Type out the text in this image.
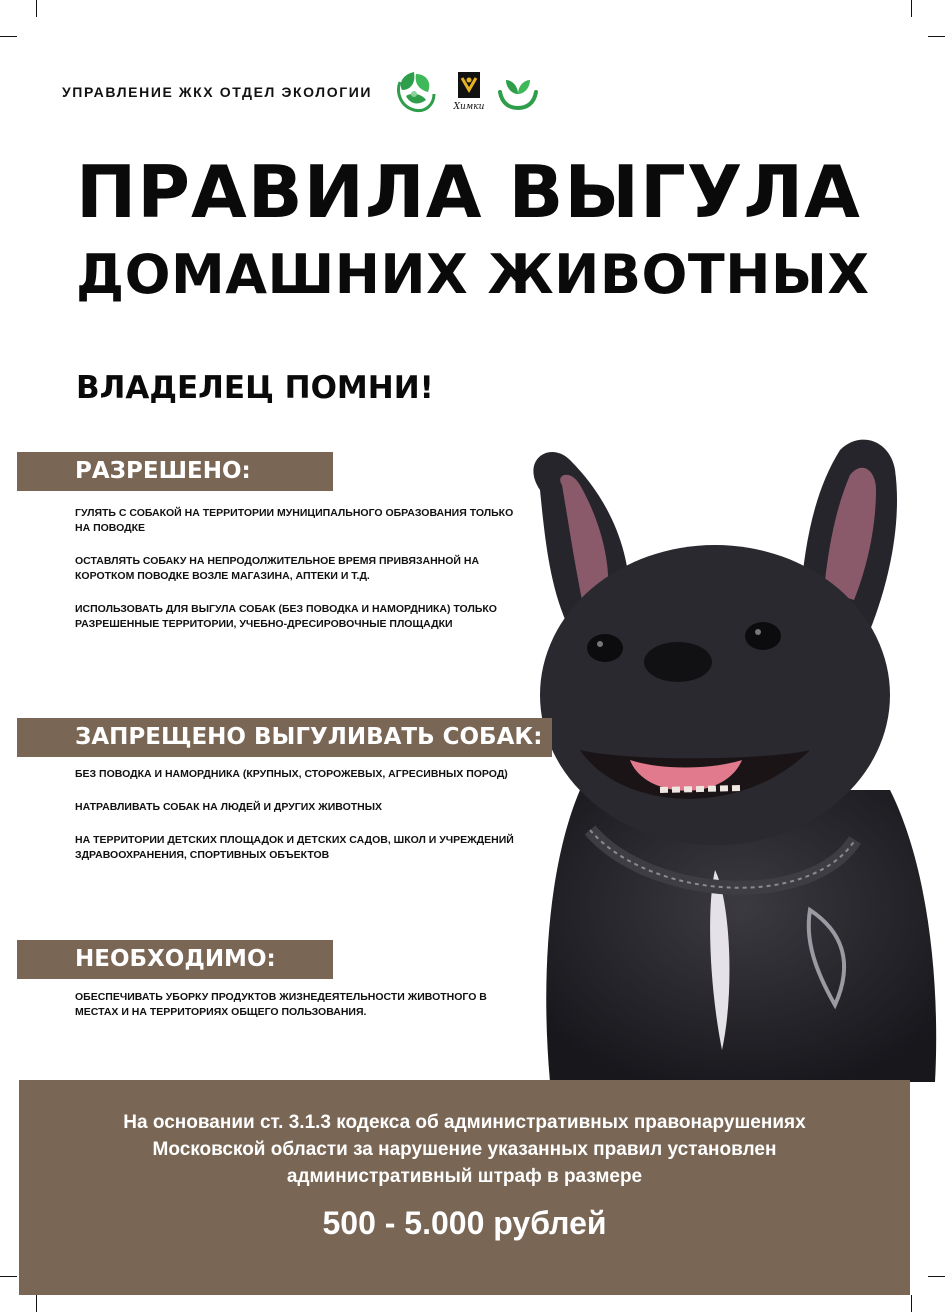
УПРАВЛЕНИЕ ЖКХ ОТДЕЛ ЭКОЛОГИИ
Химки
ПРАВИЛА ВЫГУЛА
ДОМАШНИХ ЖИВОТНЫХ
ВЛАДЕЛЕЦ ПОМНИ!
РАЗРЕШЕНО:
ГУЛЯТЬ С СОБАКОЙ НА ТЕРРИТОРИИ МУНИЦИПАЛЬНОГО ОБРАЗОВАНИЯ ТОЛЬКО НА ПОВОДКЕ
ОСТАВЛЯТЬ СОБАКУ НА НЕПРОДОЛЖИТЕЛЬНОЕ ВРЕМЯ ПРИВЯЗАННОЙ НА КОРОТКОМ ПОВОДКЕ ВОЗЛЕ МАГАЗИНА, АПТЕКИ И Т.Д.
ИСПОЛЬЗОВАТЬ ДЛЯ ВЫГУЛА СОБАК (БЕЗ ПОВОДКА И НАМОРДНИКА) ТОЛЬКО РАЗРЕШЕННЫЕ ТЕРРИТОРИИ, УЧЕБНО-ДРЕСИРОВОЧНЫЕ ПЛОЩАДКИ
ЗАПРЕЩЕНО ВЫГУЛИВАТЬ СОБАК:
БЕЗ ПОВОДКА И НАМОРДНИКА (КРУПНЫХ, СТОРОЖЕВЫХ, АГРЕСИВНЫХ ПОРОД)
НАТРАВЛИВАТЬ СОБАК НА ЛЮДЕЙ И ДРУГИХ ЖИВОТНЫХ
НА ТЕРРИТОРИИ ДЕТСКИХ ПЛОЩАДОК И ДЕТСКИХ САДОВ, ШКОЛ И УЧРЕЖДЕНИЙ ЗДРАВООХРАНЕНИЯ, СПОРТИВНЫХ ОБЪЕКТОВ
НЕОБХОДИМО:
ОБЕСПЕЧИВАТЬ УБОРКУ ПРОДУКТОВ ЖИЗНЕДЕЯТЕЛЬНОСТИ ЖИВОТНОГО В МЕСТАХ И НА ТЕРРИТОРИЯХ ОБЩЕГО ПОЛЬЗОВАНИЯ.
На основании ст. 3.1.3 кодекса об административных правонарушениях
Московской области за нарушение указанных правил установлен
административный штраф в размере
500 - 5.000 рублей
